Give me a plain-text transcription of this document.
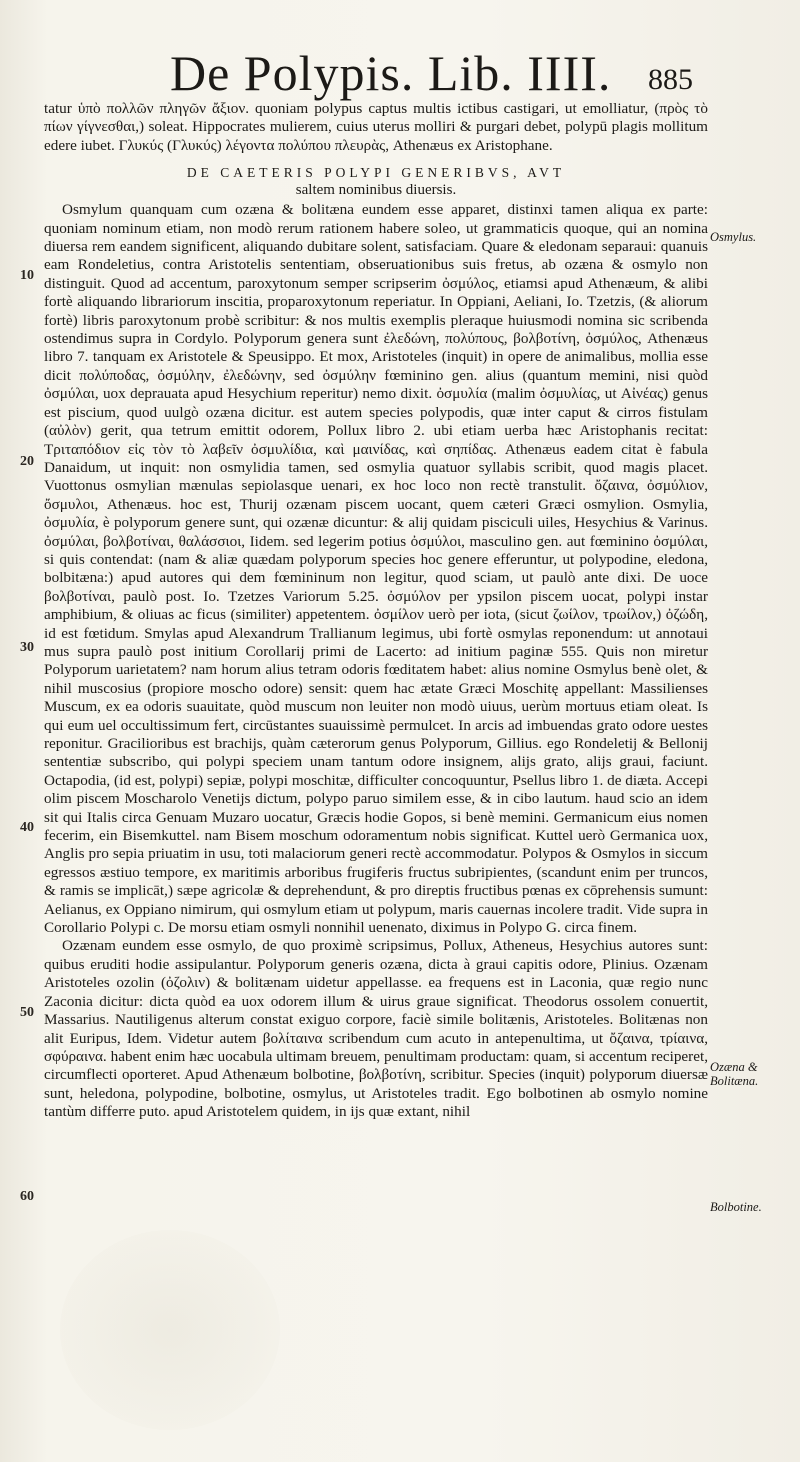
De Polypis. Lib. IIII. 885

tatur ὑπὸ πολλῶν πληγῶν ἄξιον. quoniam polypus captus multis ictibus castigari, ut emolliatur, (πρὸς τὸ πίων γίγνεσθαι,) soleat. Hippocrates mulierem, cuius uterus molliri & purgari debet, polypū plagis mollitum edere iubet. Γλυκύς (Γλυκύς) λέγοντα πολύπου πλευρὰς, Athenæus ex Aristophane.

DE CAETERIS POLYPI GENERIBVS, AVT
saltem nominibus diuersis.

Osmylum quanquam cum ozæna & bolitæna eundem esse apparet, distinxi tamen aliqua ex parte: quoniam nominum etiam, non modò rerum rationem habere soleo, ut grammaticis quoque, qui an nomina diuersa rem eandem significent, aliquando dubitare solent, satisfaciam. Quare & eledonam separaui: quanuis eam Rondeletius, contra Aristotelis sententiam, obseruationibus suis fretus, ab ozæna & osmylo non distinguit. Quod ad accentum, paroxytonum semper scripserim ὀσμύλος, etiamsi apud Athenæum, & alibi fortè aliquando librariorum inscitia, proparoxytonum reperiatur. In Oppiani, Aeliani, Io. Tzetzis, (& aliorum fortè) libris paroxytonum probè scribitur: & nos multis exemplis pleraque huiusmodi nomina sic scribenda ostendimus supra in Cordylo. Polyporum genera sunt ἐλεδώνη, πολύπους, βολβοτίνη, ὀσμύλος, Athenæus libro 7. tanquam ex Aristotele & Speusippo. Et mox, Aristoteles (inquit) in opere de animalibus, mollia esse dicit πολύποδας, ὀσμύλην, ἐλεδώνην, sed ὀσμύλην fœminino gen. alius (quantum memini, nisi quòd ὀσμύλαι, uox deprauata apud Hesychium reperitur) nemo dixit. ὀσμυλία (malim ὀσμυλίας, ut Αἰνέας) genus est piscium, quod uulgò ozæna dicitur. est autem species polypodis, quæ inter caput & cirros fistulam (αὐλὸν) gerit, qua tetrum emittit odorem, Pollux libro 2. ubi etiam uerba hæc Aristophanis recitat: Τριταπόδιον εἰς τὸν τὸ λαβεῖν ὀσμυλίδια, καὶ μαινίδας, καὶ σηπίδας. Athenæus eadem citat è fabula Danaidum, ut inquit: non osmylidia tamen, sed osmylia quatuor syllabis scribit, quod magis placet. Vuottonus osmylian mænulas sepiolasque uenari, ex hoc loco non rectè transtulit. ὄζαινα, ὀσμύλιον, ὄσμυλοι, Athenæus. hoc est, Thurij ozænam piscem uocant, quem cæteri Græci osmylion. Osmylia, ὀσμυλία, è polyporum genere sunt, qui ozænæ dicuntur: & alij quidam pisciculi uiles, Hesychius & Varinus. ὀσμύλαι, βολβοτίναι, θαλάσσιοι, Iidem. sed legerim potius ὀσμύλοι, masculino gen. aut fœminino ὀσμύλαι, si quis contendat: (nam & aliæ quædam polyporum species hoc genere efferuntur, ut polypodine, eledona, bolbitæna:) apud autores qui dem fœmininum non legitur, quod sciam, ut paulò ante dixi. De uoce βολβοτίναι, paulò post. Io. Tzetzes Variorum 5.25. ὀσμύλον per ypsilon piscem uocat, polypi instar amphibium, & oliuas ac ficus (similiter) appetentem. ὀσμίλον uerò per iota, (sicut ζωίλον, τρωίλον,) ὀζώδη, id est fœtidum. Smylas apud Alexandrum Trallianum legimus, ubi fortè osmylas reponendum: ut annotaui mus supra paulò post initium Corollarij primi de Lacerto: ad initium paginæ 555. Quis non miretur Polyporum uarietatem? nam horum alius tetram odoris fœditatem habet: alius nomine Osmylus benè olet, & nihil muscosius (propiore moscho odore) sensit: quem hac ætate Græci Moschitę appellant: Massilienses Muscum, ex ea odoris suauitate, quòd muscum non leuiter non modò uiuus, uerùm mortuus etiam oleat. Is qui eum uel occultissimum fert, circūstantes suauissimè permulcet. In arcis ad imbuendas grato odore uestes reponitur. Gracilioribus est brachijs, quàm cæterorum genus Polyporum, Gillius. ego Rondeletij & Bellonij sententiæ subscribo, qui polypi speciem unam tantum odore insignem, alijs grato, alijs graui, faciunt. Octapodia, (id est, polypi) sepiæ, polypi moschitæ, difficulter concoquuntur, Psellus libro 1. de diæta. Accepi olim piscem Moscharolo Venetijs dictum, polypo paruo similem esse, & in cibo lautum. haud scio an idem sit qui Italis circa Genuam Muzaro uocatur, Græcis hodie Gopos, si benè memini. Germanicum eius nomen fecerim, ein Bisemkuttel. nam Bisem moschum odoramentum nobis significat. Kuttel uerò Germanica uox, Anglis pro sepia priuatim in usu, toti malaciorum generi rectè accommodatur. Polypos & Osmylos in siccum egressos æstiuo tempore, ex maritimis arboribus frugiferis fructus subripientes, (scandunt enim per truncos, & ramis se implicāt,) sæpe agricolæ & deprehendunt, & pro direptis fructibus pœnas ex cōprehensis sumunt: Aelianus, ex Oppiano nimirum, qui osmylum etiam ut polypum, maris cauernas incolere tradit. Vide supra in Corollario Polypi c. De morsu etiam osmyli nonnihil uenenato, diximus in Polypo G. circa finem.

Ozænam eundem esse osmylo, de quo proximè scripsimus, Pollux, Atheneus, Hesychius autores sunt: quibus eruditi hodie assipulantur. Polyporum generis ozæna, dicta à graui capitis odore, Plinius. Ozænam Aristoteles ozolin (ὀζολιν) & bolitænam uidetur appellasse. ea frequens est in Laconia, quæ regio nunc Zaconia dicitur: dicta quòd ea uox odorem illum & uirus graue significat. Theodorus ossolem conuertit, Massarius. Nautiligenus alterum constat exiguo corpore, faciè simile bolitænis, Aristoteles. Bolitænas non alit Euripus, Idem. Videtur autem βολίταινα scribendum cum acuto in antepenultima, ut ὄζαινα, τρίαινα, σφύραινα. habent enim hæc uocabula ultimam breuem, penultimam productam: quam, si accentum reciperet, circumflecti oporteret. Apud Athenæum bolbotine, βολβοτίνη, scribitur. Species (inquit) polyporum diuersæ sunt, heledona, polypodine, bolbotine, osmylus, ut Aristoteles tradit. Ego bolbotinen ab osmylo nomine tantùm differre puto. apud Aristotelem quidem, in ijs quæ extant, nihil

10
20
30
40
50
60
Osmylus.
Ozæna & Bolitæna.
Bolbotine.
